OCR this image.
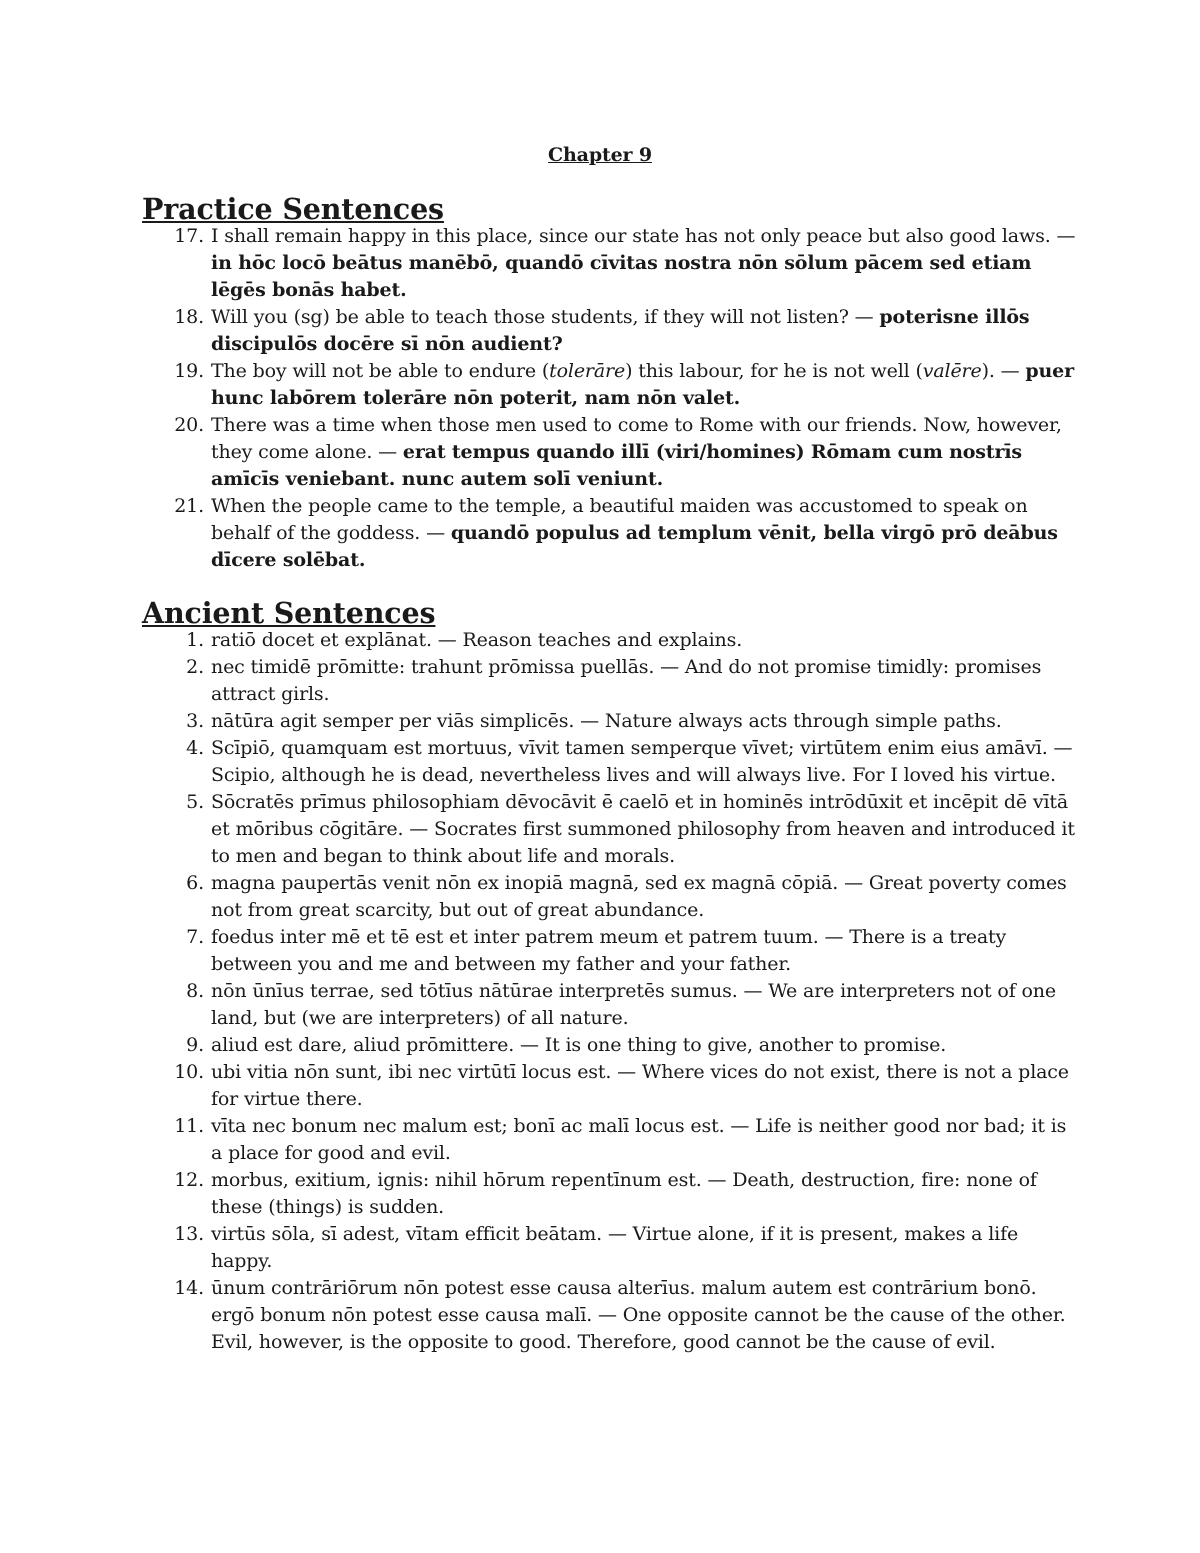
Chapter 9
Practice Sentences
17. I shall remain happy in this place, since our state has not only peace but also good laws. — in hōc locō beātus manēbō, quandō cīvitas nostra nōn sōlum pācem sed etiam lēgēs bonās habet.
18. Will you (sg) be able to teach those students, if they will not listen? — poterisne illōs discipulōs docēre sī nōn audient?
19. The boy will not be able to endure (tolerāre) this labour, for he is not well (valēre). — puer hunc labōrem tolerāre nōn poterit, nam nōn valet.
20. There was a time when those men used to come to Rome with our friends. Now, however, they come alone. — erat tempus quando illī (viri/homines) Rōmam cum nostrīs amīcīs veniebant. nunc autem solī veniunt.
21. When the people came to the temple, a beautiful maiden was accustomed to speak on behalf of the goddess. — quandō populus ad templum vēnit, bella virgō prō deābus dīcere solēbat.
Ancient Sentences
1. ratiō docet et explānat. — Reason teaches and explains.
2. nec timidē prōmitte: trahunt prōmissa puellās. — And do not promise timidly: promises attract girls.
3. nātūra agit semper per viās simplicēs. — Nature always acts through simple paths.
4. Scīpiō, quamquam est mortuus, vīvit tamen semperque vīvet; virtūtem enim eius amāvī. — Scipio, although he is dead, nevertheless lives and will always live. For I loved his virtue.
5. Sōcratēs prīmus philosophiam dēvocāvit ē caelō et in hominēs intrōdūxit et incēpit dē vītā et mōribus cōgitāre. — Socrates first summoned philosophy from heaven and introduced it to men and began to think about life and morals.
6. magna paupertās venit nōn ex inopiā magnā, sed ex magnā cōpiā. — Great poverty comes not from great scarcity, but out of great abundance.
7. foedus inter mē et tē est et inter patrem meum et patrem tuum. — There is a treaty between you and me and between my father and your father.
8. nōn ūnīus terrae, sed tōtīus nātūrae interpretēs sumus. — We are interpreters not of one land, but (we are interpreters) of all nature.
9. aliud est dare, aliud prōmittere. — It is one thing to give, another to promise.
10. ubi vitia nōn sunt, ibi nec virtūtī locus est. — Where vices do not exist, there is not a place for virtue there.
11. vīta nec bonum nec malum est; bonī ac malī locus est. — Life is neither good nor bad; it is a place for good and evil.
12. morbus, exitium, ignis: nihil hōrum repentīnum est. — Death, destruction, fire: none of these (things) is sudden.
13. virtūs sōla, sī adest, vītam efficit beātam. — Virtue alone, if it is present, makes a life happy.
14. ūnum contrāriōrum nōn potest esse causa alterīus. malum autem est contrārium bonō. ergō bonum nōn potest esse causa malī. — One opposite cannot be the cause of the other. Evil, however, is the opposite to good. Therefore, good cannot be the cause of evil.
